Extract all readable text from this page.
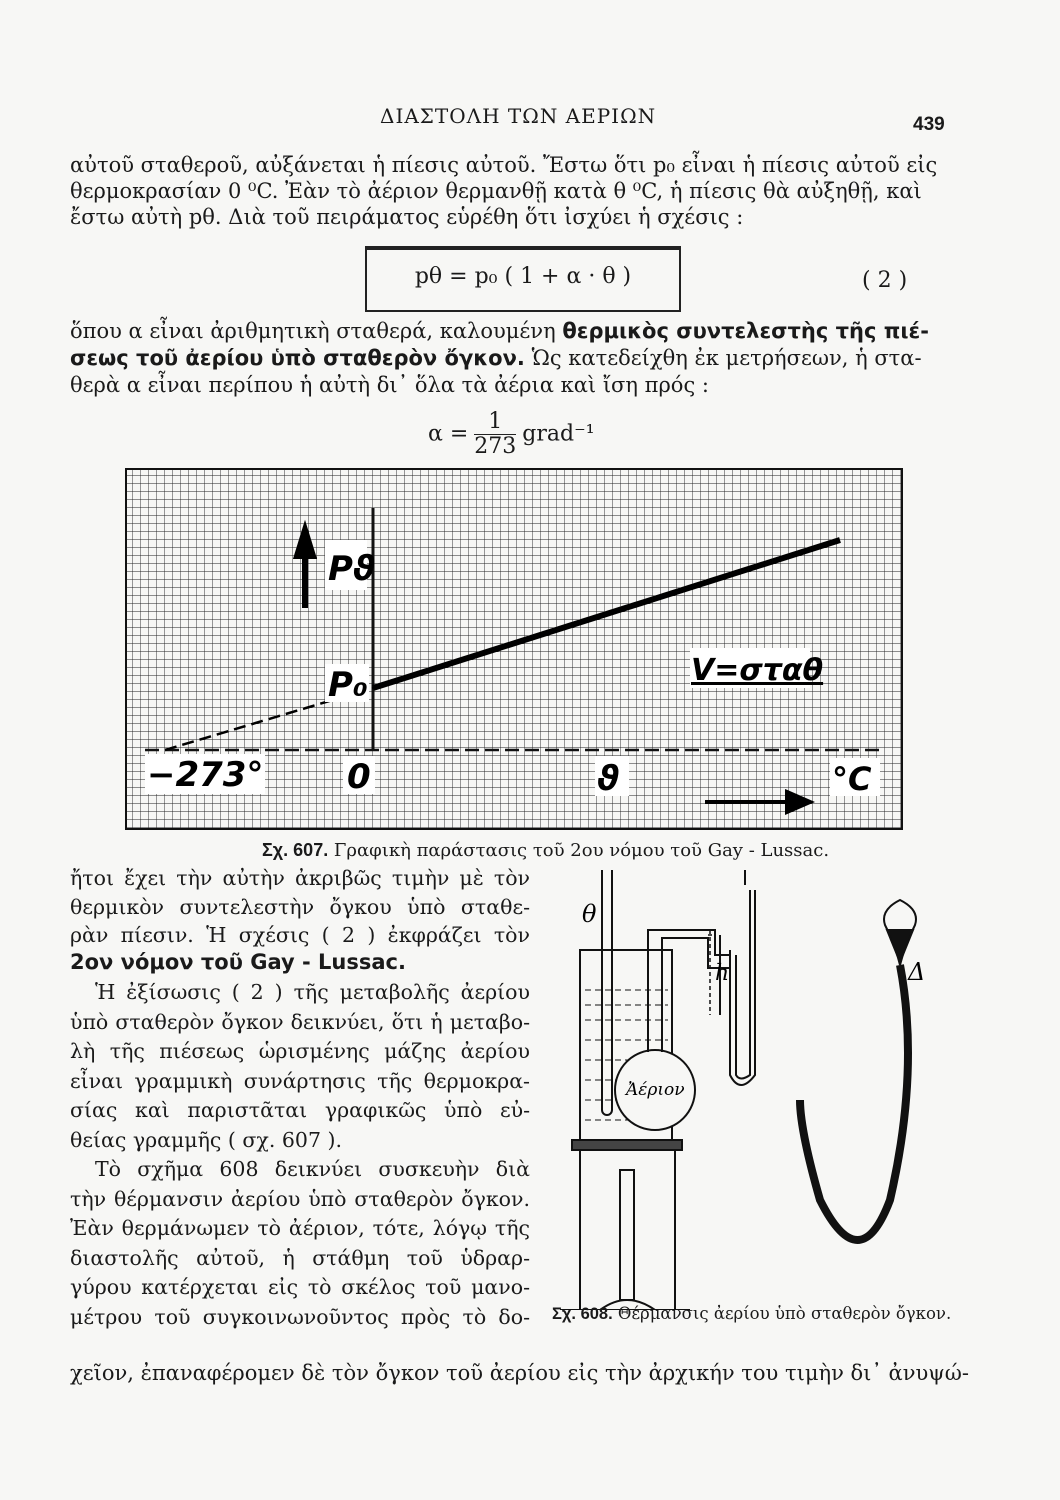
ΔΙΑΣΤΟΛΗ ΤΩΝ ΑΕΡΙΩΝ	439
αὐτοῦ σταθεροῦ, αὐξάνεται ἡ πίεσις αὐτοῦ. Ἔστω ὅτι p₀ εἶναι ἡ πίεσις αὐτοῦ εἰς
θερμοκρασίαν 0 ⁰C. Ἐὰν τὸ ἀέριον θερμανθῇ κατὰ θ ⁰C, ἡ πίεσις θὰ αὐξηθῇ, καὶ
ἔστω αὐτὴ pθ. Διὰ τοῦ πειράματος εὑρέθη ὅτι ἰσχύει ἡ σχέσις :
pθ = p₀ ( 1 + α · θ )	( 2 )
ὅπου α εἶναι ἀριθμητικὴ σταθερά, καλουμένη θερμικὸς συντελεστὴς τῆς πιέ-
σεως τοῦ ἀερίου ὑπὸ σταθερὸν ὄγκον. Ὡς κατεδείχθη ἐκ μετρήσεων, ἡ στα-
θερὰ α εἶναι περίπου ἡ αὐτὴ δι᾽ ὅλα τὰ ἀέρια καὶ ἴση πρός :
$\alpha = \frac{1}{273}$ grad⁻¹
Pϑ
P₀	V=σταθ
−273° 0	ϑ	°C
Σχ. 607. Γραφικὴ παράστασις τοῦ 2ου νόμου τοῦ Gay - Lussac.
ἤτοι ἔχει τὴν αὐτὴν ἀκριβῶς τιμὴν μὲ τὸν
θερμικὸν συντελεστὴν ὄγκου ὑπὸ σταθε-
ρὰν πίεσιν. Ἡ σχέσις ( 2 ) ἐκφράζει τὸν
2ον νόμον τοῦ Gay - Lussac.
Ἡ ἐξίσωσις ( 2 ) τῆς μεταβολῆς ἀερίου
ὑπὸ σταθερὸν ὄγκον δεικνύει, ὅτι ἡ μεταβο-
λὴ τῆς πιέσεως ὡρισμένης μάζης ἀερίου
εἶναι γραμμικὴ συνάρτησις τῆς θερμοκρα-
σίας καὶ παριστᾶται γραφικῶς ὑπὸ εὐ-
θείας γραμμῆς ( σχ. 607 ).
Τὸ σχῆμα 608 δεικνύει συσκευὴν διὰ
τὴν θέρμανσιν ἀερίου ὑπὸ σταθερὸν ὄγκον.
Ἐὰν θερμάνωμεν τὸ ἀέριον, τότε, λόγῳ τῆς
διαστολῆς αὐτοῦ, ἡ στάθμη τοῦ ὑδραρ-
γύρου κατέρχεται εἰς τὸ σκέλος τοῦ μανο-
μέτρου τοῦ συγκοινωνοῦντος πρὸς τὸ δο-
χεῖον, ἐπαναφέρομεν δὲ τὸν ὄγκον τοῦ ἀερίου εἰς τὴν ἀρχικήν του τιμὴν δι᾽ ἀνυψώ-
θ
h	Δ
Ἀέριον
Σχ. 608. Θέρμανσις ἀερίου ὑπὸ σταθερὸν ὄγκον.
